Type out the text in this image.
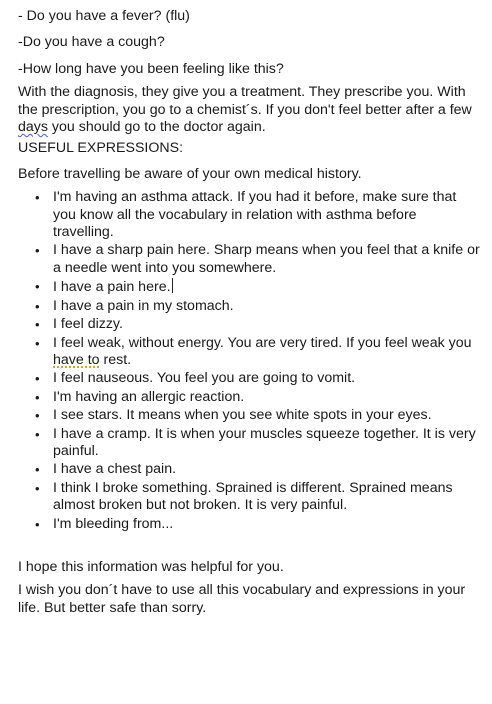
- Do you have a fever? (flu)

-Do you have a cough?

-How long have you been feeling like this?

With the diagnosis, they give you a treatment. They prescribe you. With the prescription, you go to a chemist´s. If you don't feel better after a few days you should go to the doctor again.

USEFUL EXPRESSIONS:

Before travelling be aware of your own medical history.

• I'm having an asthma attack. If you had it before, make sure that you know all the vocabulary in relation with asthma before travelling.
• I have a sharp pain here. Sharp means when you feel that a knife or a needle went into you somewhere.
• I have a pain here.
• I have a pain in my stomach.
• I feel dizzy.
• I feel weak, without energy. You are very tired. If you feel weak you have to rest.
• I feel nauseous. You feel you are going to vomit.
• I'm having an allergic reaction.
• I see stars. It means when you see white spots in your eyes.
• I have a cramp. It is when your muscles squeeze together. It is very painful.
• I have a chest pain.
• I think I broke something. Sprained is different. Sprained means almost broken but not broken. It is very painful.
• I'm bleeding from...

I hope this information was helpful for you.

I wish you don´t have to use all this vocabulary and expressions in your life. But better safe than sorry.
